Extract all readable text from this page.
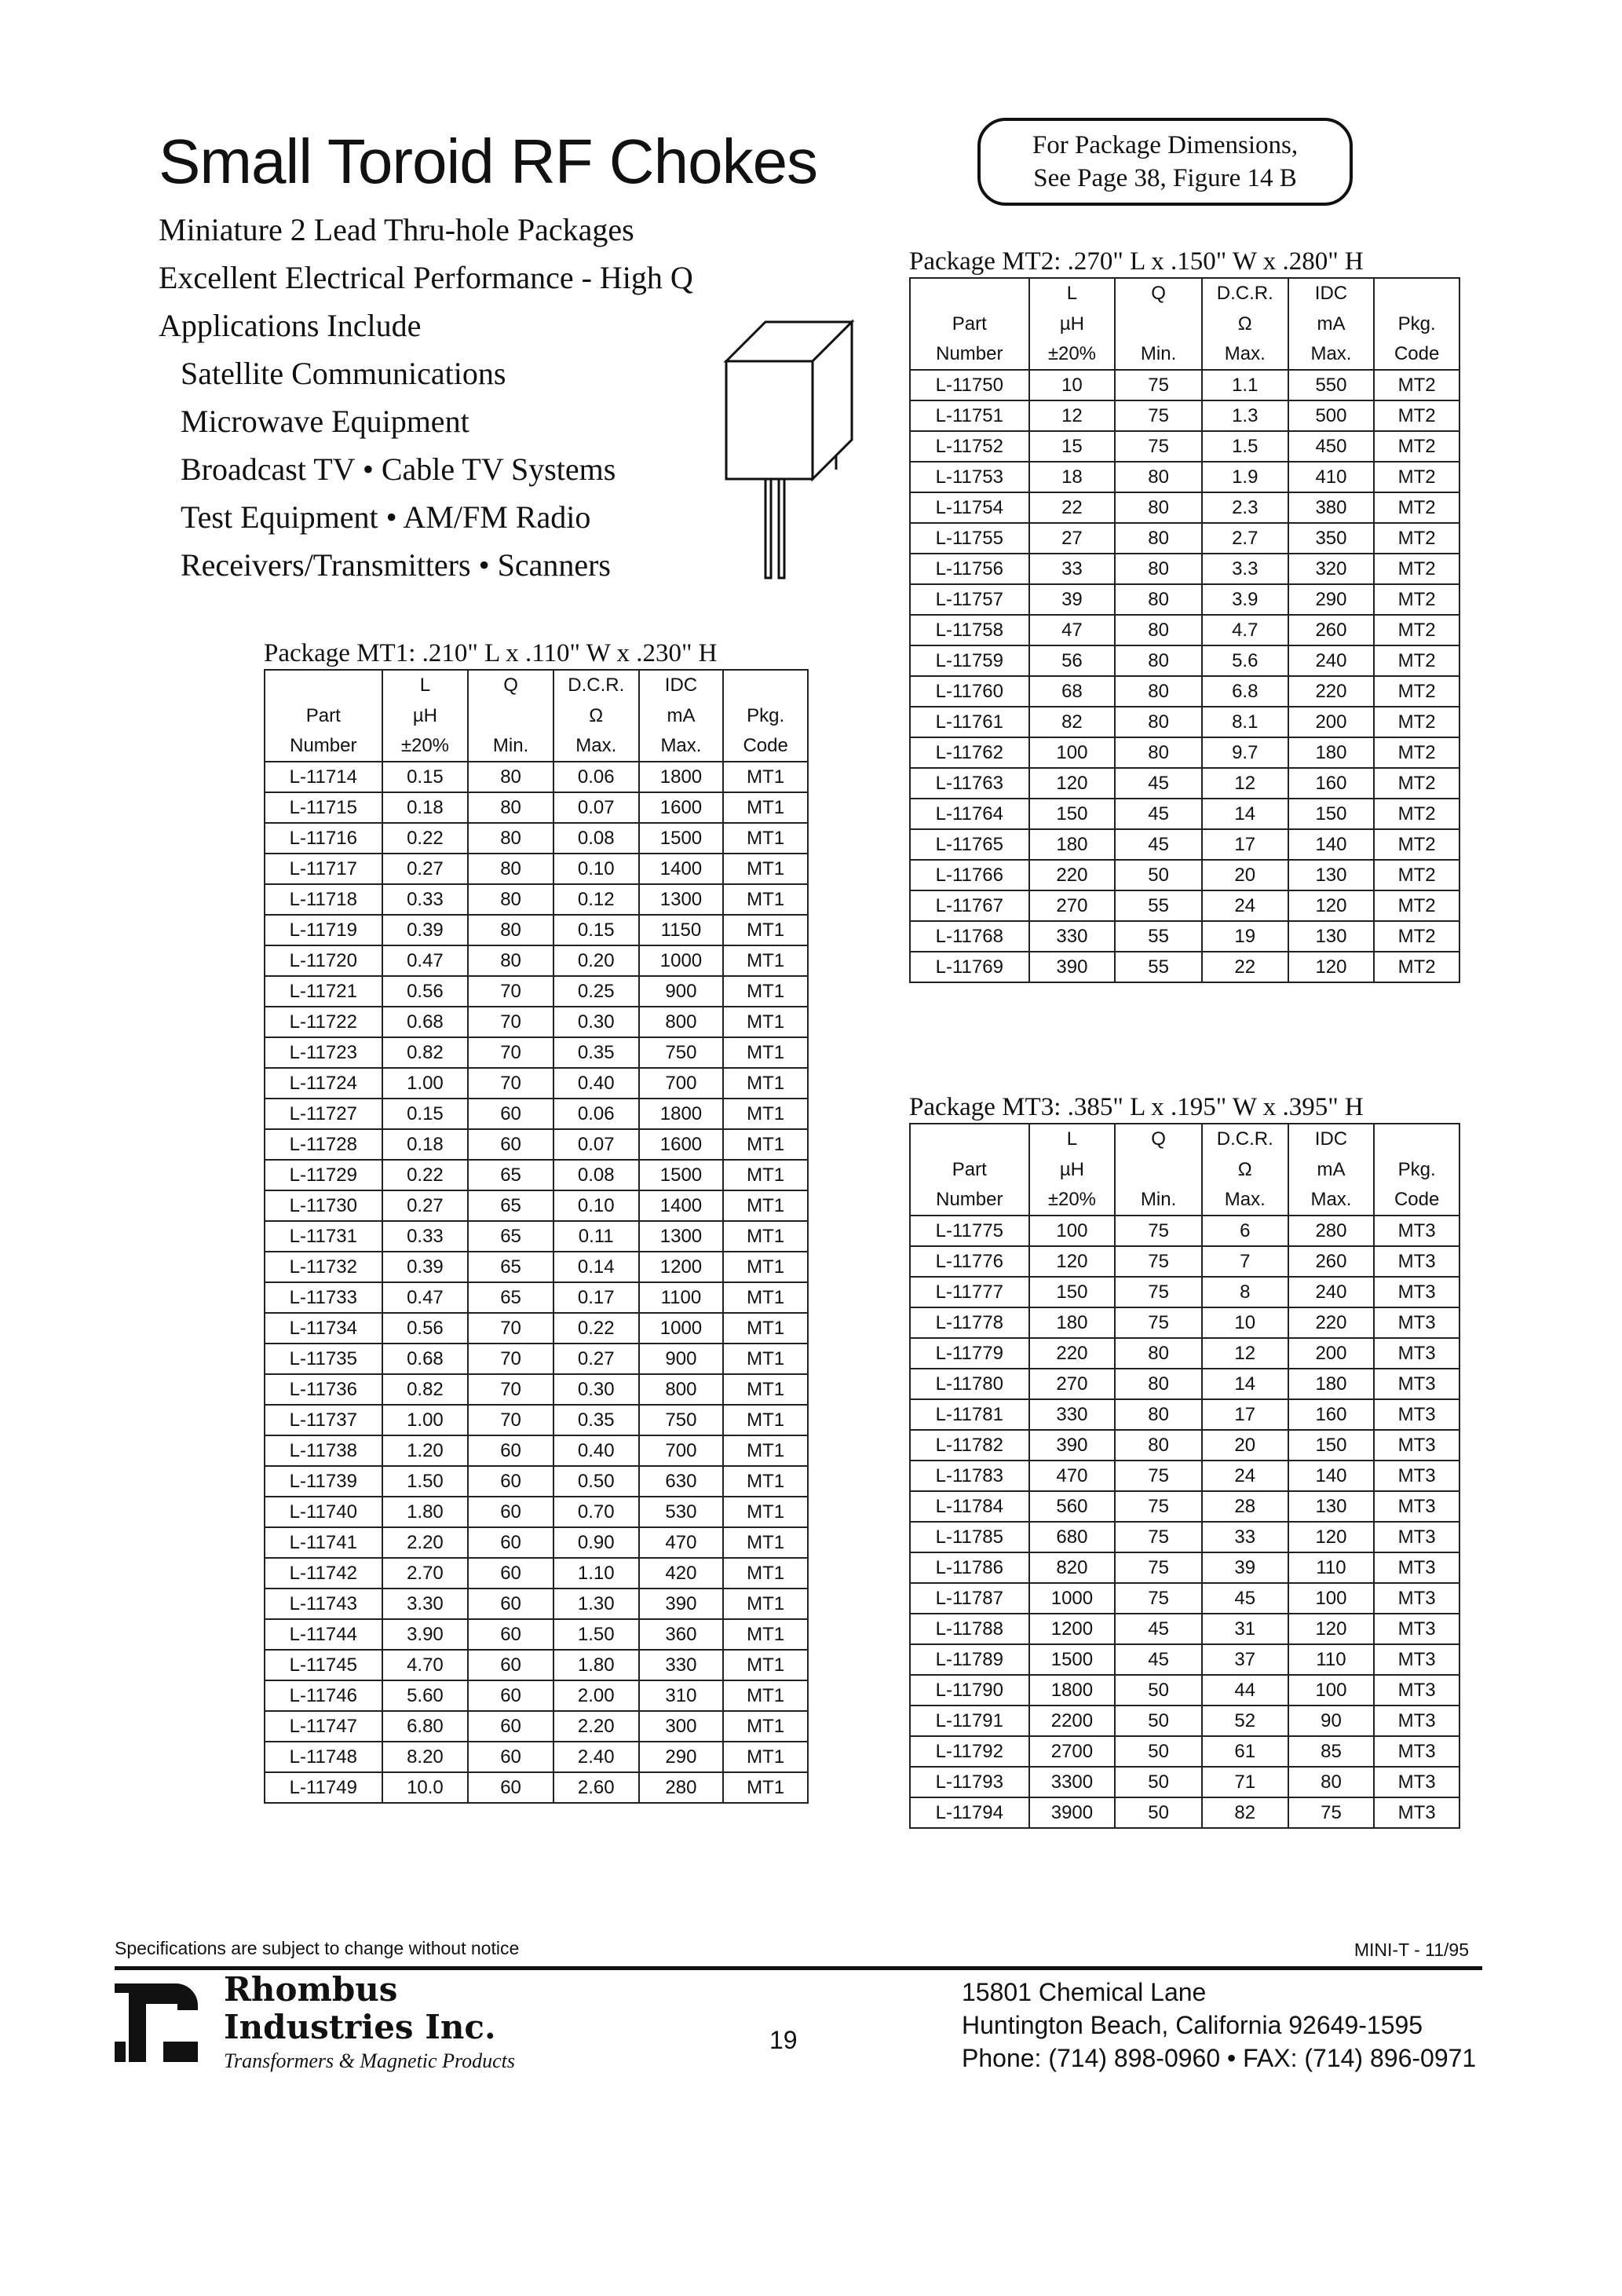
Small Toroid RF Chokes
Miniature 2 Lead Thru-hole Packages
Excellent Electrical Performance - High Q
Applications Include
Satellite Communications
Microwave Equipment
Broadcast TV • Cable TV Systems
Test Equipment • AM/FM Radio
Receivers/Transmitters • Scanners
For Package Dimensions,
See Page 38, Figure 14 B
Package MT1: .210" L x .110" W x .230" H
	L	Q	D.C.R.	IDC	
Part	µH		Ω	mA	Pkg.
Number	±20%	Min.	Max.	Max.	Code
L-11714	0.15	80	0.06	1800	MT1
L-11715	0.18	80	0.07	1600	MT1
L-11716	0.22	80	0.08	1500	MT1
L-11717	0.27	80	0.10	1400	MT1
L-11718	0.33	80	0.12	1300	MT1
L-11719	0.39	80	0.15	1150	MT1
L-11720	0.47	80	0.20	1000	MT1
L-11721	0.56	70	0.25	900	MT1
L-11722	0.68	70	0.30	800	MT1
L-11723	0.82	70	0.35	750	MT1
L-11724	1.00	70	0.40	700	MT1
L-11727	0.15	60	0.06	1800	MT1
L-11728	0.18	60	0.07	1600	MT1
L-11729	0.22	65	0.08	1500	MT1
L-11730	0.27	65	0.10	1400	MT1
L-11731	0.33	65	0.11	1300	MT1
L-11732	0.39	65	0.14	1200	MT1
L-11733	0.47	65	0.17	1100	MT1
L-11734	0.56	70	0.22	1000	MT1
L-11735	0.68	70	0.27	900	MT1
L-11736	0.82	70	0.30	800	MT1
L-11737	1.00	70	0.35	750	MT1
L-11738	1.20	60	0.40	700	MT1
L-11739	1.50	60	0.50	630	MT1
L-11740	1.80	60	0.70	530	MT1
L-11741	2.20	60	0.90	470	MT1
L-11742	2.70	60	1.10	420	MT1
L-11743	3.30	60	1.30	390	MT1
L-11744	3.90	60	1.50	360	MT1
L-11745	4.70	60	1.80	330	MT1
L-11746	5.60	60	2.00	310	MT1
L-11747	6.80	60	2.20	300	MT1
L-11748	8.20	60	2.40	290	MT1
L-11749	10.0	60	2.60	280	MT1
Package MT2: .270" L x .150" W x .280" H
	L	Q	D.C.R.	IDC	
Part	µH		Ω	mA	Pkg.
Number	±20%	Min.	Max.	Max.	Code
L-11750	10	75	1.1	550	MT2
L-11751	12	75	1.3	500	MT2
L-11752	15	75	1.5	450	MT2
L-11753	18	80	1.9	410	MT2
L-11754	22	80	2.3	380	MT2
L-11755	27	80	2.7	350	MT2
L-11756	33	80	3.3	320	MT2
L-11757	39	80	3.9	290	MT2
L-11758	47	80	4.7	260	MT2
L-11759	56	80	5.6	240	MT2
L-11760	68	80	6.8	220	MT2
L-11761	82	80	8.1	200	MT2
L-11762	100	80	9.7	180	MT2
L-11763	120	45	12	160	MT2
L-11764	150	45	14	150	MT2
L-11765	180	45	17	140	MT2
L-11766	220	50	20	130	MT2
L-11767	270	55	24	120	MT2
L-11768	330	55	19	130	MT2
L-11769	390	55	22	120	MT2
Package MT3: .385" L x .195" W x .395" H
	L	Q	D.C.R.	IDC	
Part	µH		Ω	mA	Pkg.
Number	±20%	Min.	Max.	Max.	Code
L-11775	100	75	6	280	MT3
L-11776	120	75	7	260	MT3
L-11777	150	75	8	240	MT3
L-11778	180	75	10	220	MT3
L-11779	220	80	12	200	MT3
L-11780	270	80	14	180	MT3
L-11781	330	80	17	160	MT3
L-11782	390	80	20	150	MT3
L-11783	470	75	24	140	MT3
L-11784	560	75	28	130	MT3
L-11785	680	75	33	120	MT3
L-11786	820	75	39	110	MT3
L-11787	1000	75	45	100	MT3
L-11788	1200	45	31	120	MT3
L-11789	1500	45	37	110	MT3
L-11790	1800	50	44	100	MT3
L-11791	2200	50	52	90	MT3
L-11792	2700	50	61	85	MT3
L-11793	3300	50	71	80	MT3
L-11794	3900	50	82	75	MT3
Specifications are subject to change without notice	MINI-T - 11/95
Rhombus
Industries Inc.
Transformers & Magnetic Products
19
15801 Chemical Lane
Huntington Beach, California 92649-1595
Phone: (714) 898-0960 • FAX: (714) 896-0971
